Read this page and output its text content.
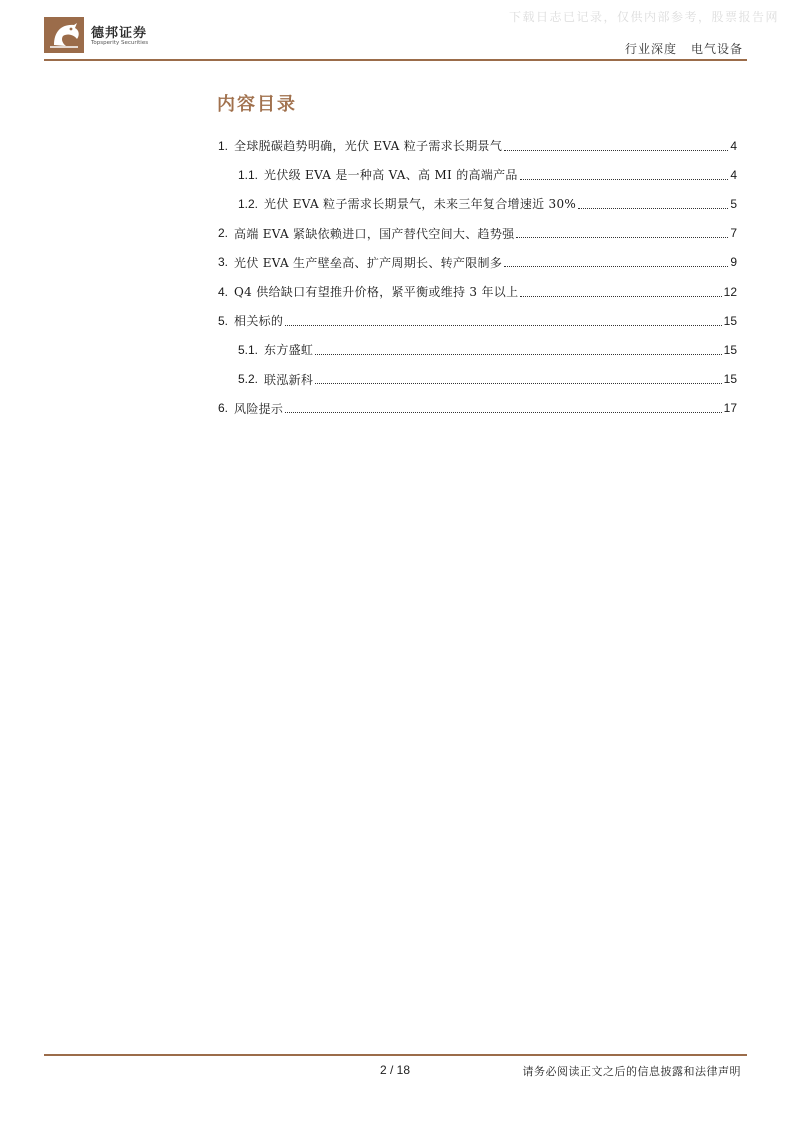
下载日志已记录，仅供内部参考，股票报告网
德邦证券
Topsperity Securities	行业深度 电气设备
内容目录
1. 全球脱碳趋势明确，光伏 EVA 粒子需求长期景气	4
1.1. 光伏级 EVA 是一种高 VA、高 MI 的高端产品	4
1.2. 光伏 EVA 粒子需求长期景气，未来三年复合增速近 30%	5
2. 高端 EVA 紧缺依赖进口，国产替代空间大、趋势强	7
3. 光伏 EVA 生产壁垒高、扩产周期长、转产限制多	9
4. Q4 供给缺口有望推升价格，紧平衡或维持 3 年以上	12
5. 相关标的	15
5.1. 东方盛虹	15
5.2. 联泓新科	15
6. 风险提示	17
2 / 18	请务必阅读正文之后的信息披露和法律声明
